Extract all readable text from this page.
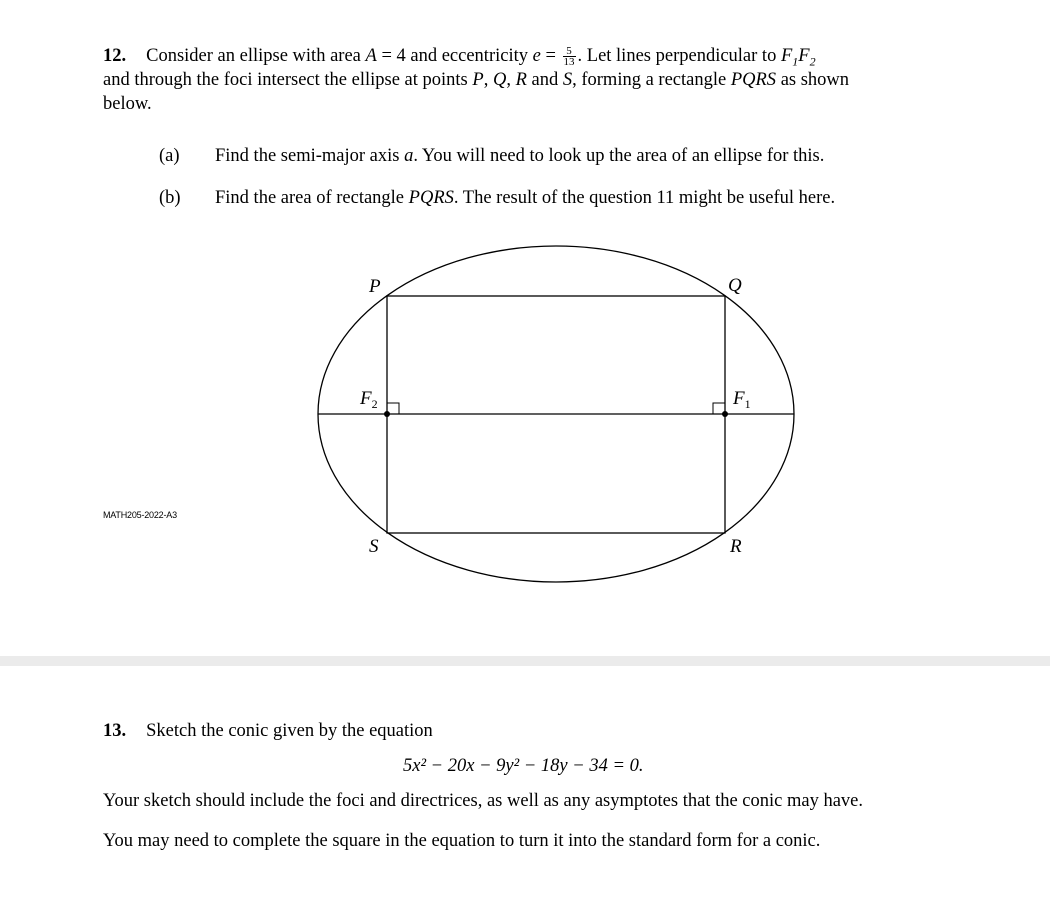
12. Consider an ellipse with area A = 4 and eccentricity $e = \frac{5}{13}$ . Let lines perpendicular to $F_1F_2$
and through the foci intersect the ellipse at points P, Q, R and S, forming a rectangle PQRS as shown
below.
(a) Find the semi-major axis a. You will need to look up the area of an ellipse for this.
(b) Find the area of rectangle PQRS. The result of the question 11 might be useful here.
MATH205-2022-A3
P	Q
R
S
$F_2$	$F_1$
13. Sketch the conic given by the equation
5x² − 20x − 9y² − 18y − 34 = 0.
Your sketch should include the foci and directrices, as well as any asymptotes that the conic may have.
You may need to complete the square in the equation to turn it into the standard form for a conic.
